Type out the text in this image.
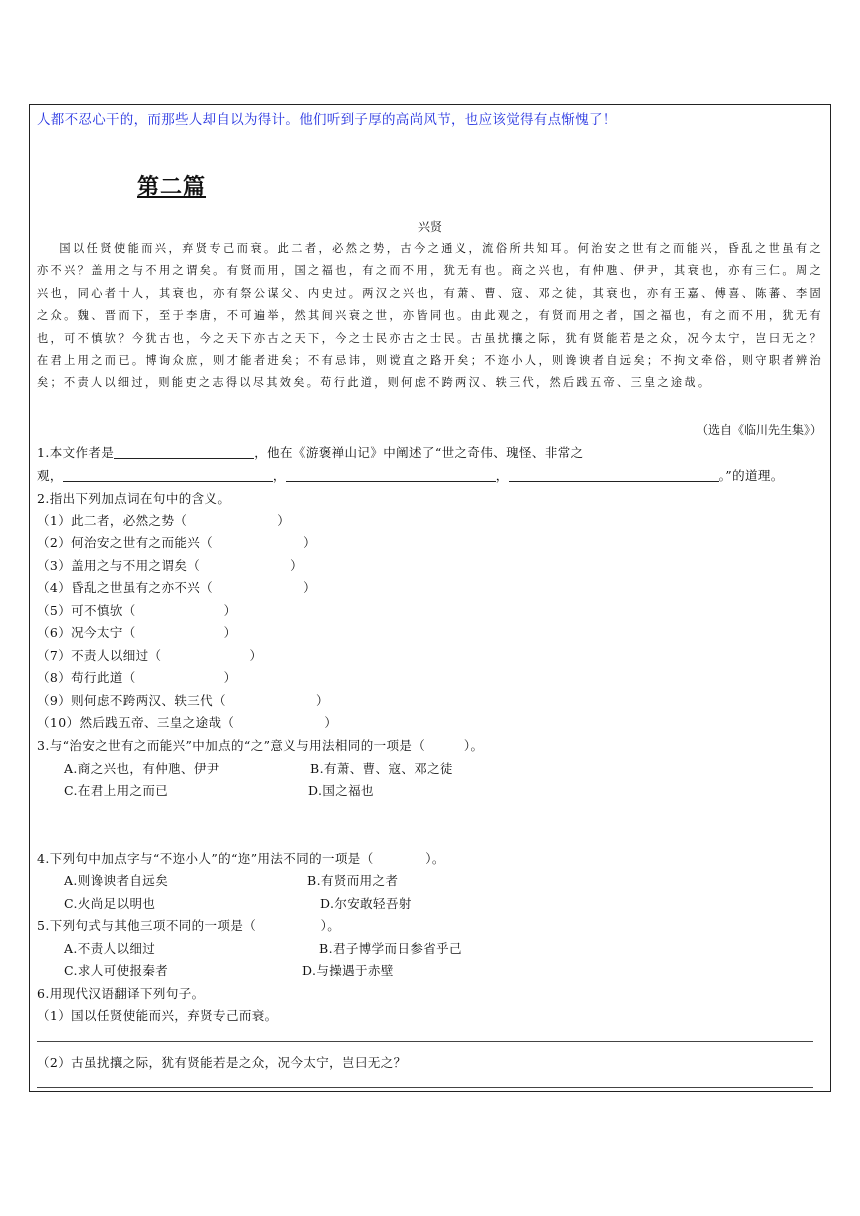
人都不忍心干的，而那些人却自以为得计。他们听到子厚的高尚风节，也应该觉得有点惭愧了！
第二篇
兴贤
国以任贤使能而兴，弃贤专己而衰。此二者，必然之势，古今之通义，流俗所共知耳。何治安之世有之而能兴，昏乱之世虽有之亦不兴？盖用之与不用之谓矣。有贤而用，国之福也，有之而不用，犹无有也。商之兴也，有仲虺、伊尹，其衰也，亦有三仁。周之兴也，同心者十人，其衰也，亦有祭公谋父、内史过。两汉之兴也，有萧、曹、寇、邓之徒，其衰也，亦有王嘉、傅喜、陈蕃、李固之众。魏、晋而下，至于李唐，不可遍举，然其间兴衰之世，亦皆同也。由此观之，有贤而用之者，国之福也，有之而不用，犹无有也，可不慎欤？今犹古也，今之天下亦古之天下，今之士民亦古之士民。古虽扰攘之际，犹有贤能若是之众，况今太宁，岂曰无之？在君上用之而已。博询众庶，则才能者进矣；不有忌讳，则谠直之路开矣；不迩小人，则谗谀者自远矣；不拘文牵俗，则守职者辨治矣；不责人以细过，则能吏之志得以尽其效矣。苟行此道，则何虑不跨两汉、轶三代，然后践五帝、三皇之途哉。
（选自《临川先生集》）
1.本文作者是	，他在《游褒禅山记》中阐述了“世之奇伟、瑰怪、非常之
观，	，	，	。”的道理。
2.指出下列加点词在句中的含义。
（1）此二者，必然之势（	）
（2）何治安之世有之而能兴（	）
（3）盖用之与不用之谓矣（	）
（4）昏乱之世虽有之亦不兴（	）
（5）可不慎欤（	）
（6）况今太宁（	）
（7）不责人以细过（	）
（8）苟行此道（	）
（9）则何虑不跨两汉、轶三代（	）
（10）然后践五帝、三皇之途哉（	）
3.与“治安之世有之而能兴”中加点的“之”意义与用法相同的一项是（　　　）。
A.商之兴也，有仲虺、伊尹	B.有萧、曹、寇、邓之徒
C.在君上用之而已	D.国之福也
4.下列句中加点字与“不迩小人”的“迩”用法不同的一项是（　　　　）。
A.则谗谀者自远矣	B.有贤而用之者
C.火尚足以明也	D.尔安敢轻吾射
5.下列句式与其他三项不同的一项是（　　　　　）。
A.不责人以细过	B.君子博学而日参省乎己
C.求人可使报秦者	D.与操遇于赤壁
6.用现代汉语翻译下列句子。
（1）国以任贤使能而兴，弃贤专己而衰。
（2）古虽扰攘之际，犹有贤能若是之众，况今太宁，岂曰无之？
